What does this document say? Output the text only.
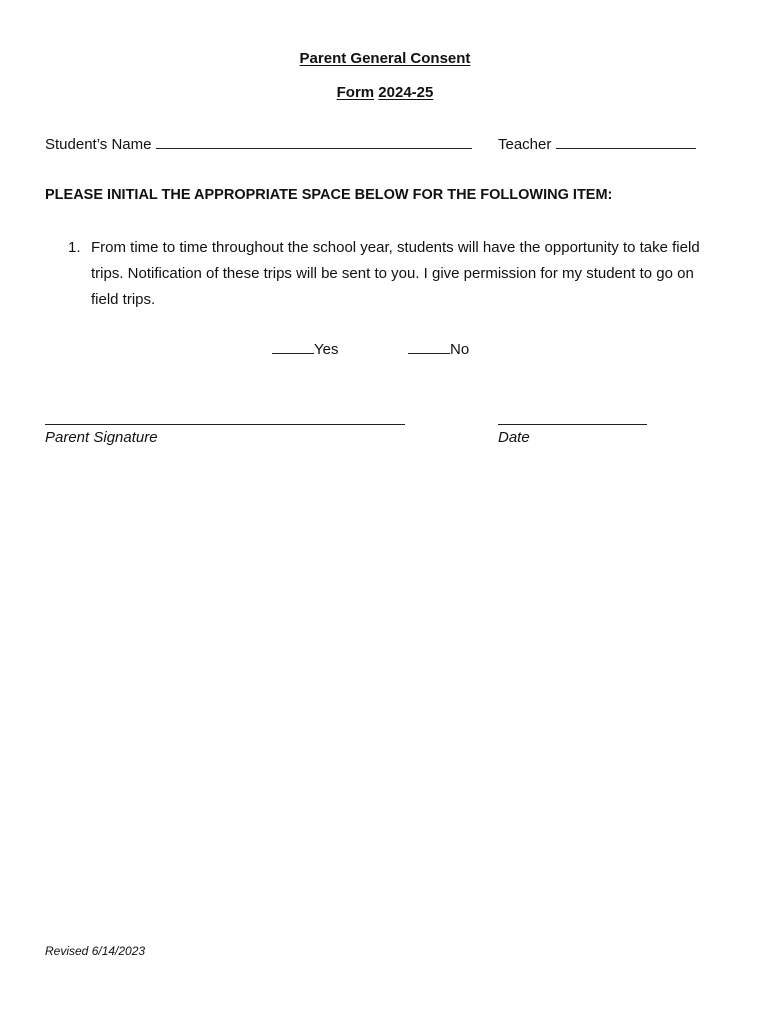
Parent General Consent
Form 2024-25
Student’s Name	Teacher
PLEASE INITIAL THE APPROPRIATE SPACE BELOW FOR THE FOLLOWING ITEM:
1. From time to time throughout the school year, students will have the opportunity to take field trips. Notification of these trips will be sent to you. I give permission for my student to go on field trips.
Yes	No
Parent Signature	Date
Revised 6/14/2023
